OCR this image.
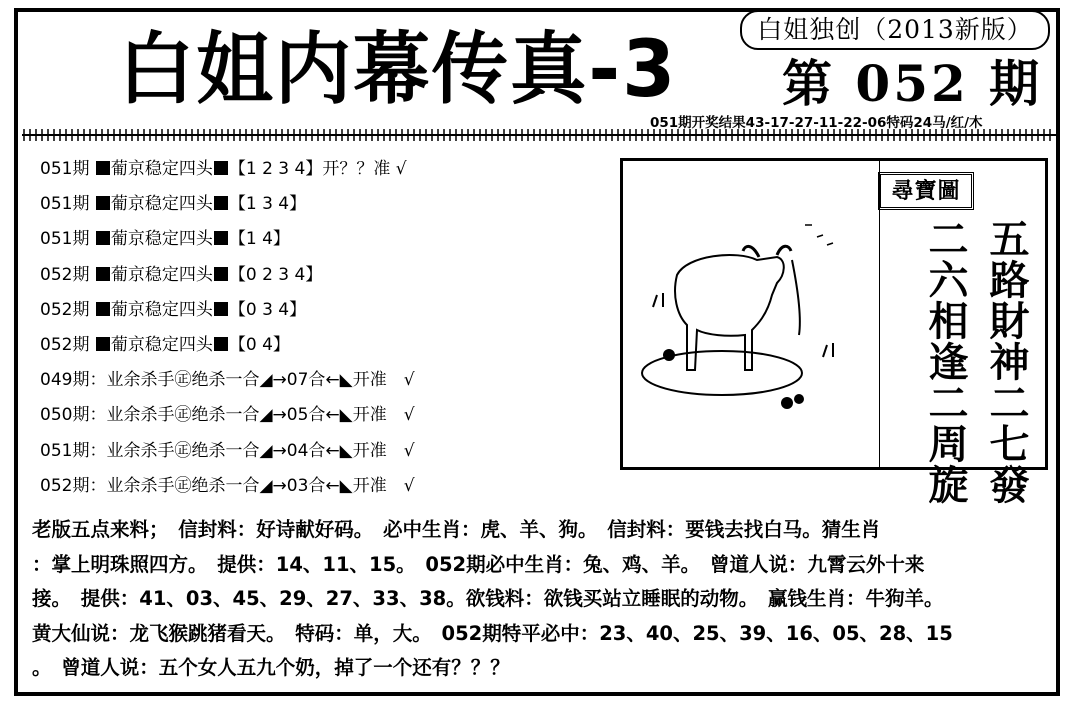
白姐独创（2013新版）
白姐内幕传真-3 第 052 期
051期开奖结果43-17-27-11-22-06特码24马/红/木
051期 葡京稳定四头 【1 2 3 4】开？？准 √
051期 葡京稳定四头 【1 3 4】
051期 葡京稳定四头 【1 4】
052期 葡京稳定四头 【0 2 3 4】
052期 葡京稳定四头 【0 3 4】
052期 葡京稳定四头 【0 4】
049期：业余杀手㊣绝杀一合◢→07合←◣开准　√
050期：业余杀手㊣绝杀一合◢→05合←◣开准　√
051期：业余杀手㊣绝杀一合◢→04合←◣开准　√
052期：业余杀手㊣绝杀一合◢→03合←◣开准　√
尋寶圖
五路財神二七發
二六相逢二周旋

老版五点来料；　信封料：好诗献好码。　必中生肖：虎、羊、狗。　信封料：要钱去找白马。猜生肖

：掌上明珠照四方。　提供：14、11、15。　052期必中生肖：兔、鸡、羊。　曾道人说：九霄云外十来

接。　提供：41、03、45、29、27、33、38。欲钱料：欲钱买站立睡眠的动物。　赢钱生肖：牛狗羊。

黄大仙说：龙飞猴跳猪看天。　特码：单，大。　052期特平必中：23、40、25、39、16、05、28、15

。　曾道人说：五个女人五九个奶，掉了一个还有？？？
